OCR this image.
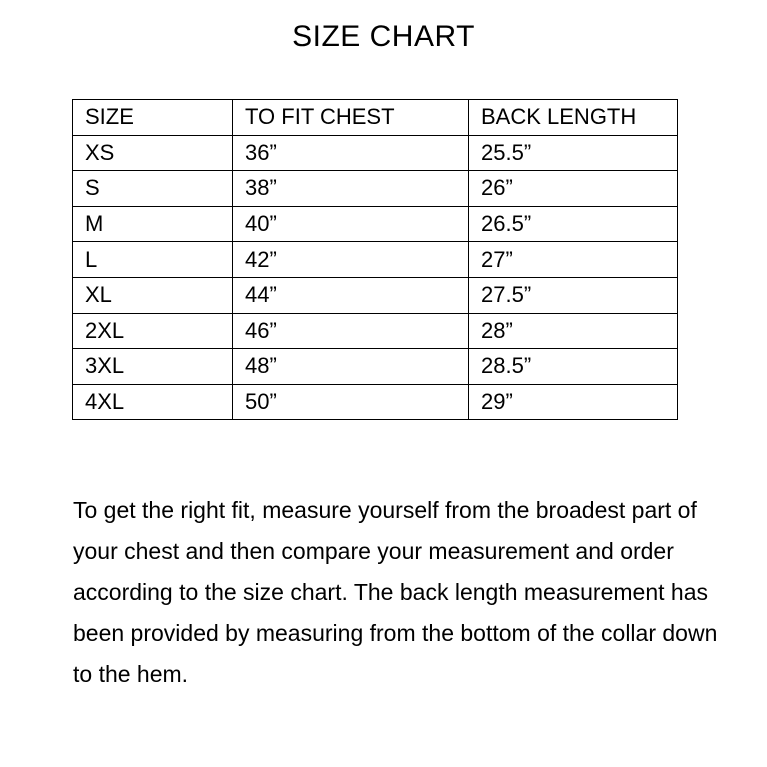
SIZE CHART
SIZE	TO FIT CHEST	BACK LENGTH
XS	36”	25.5”
S	38”	26”
M	40”	26.5”
L	42”	27”
XL	44”	27.5”
2XL	46”	28”
3XL	48”	28.5”
4XL	50”	29”

To get the right fit, measure yourself from the broadest part of your chest and then compare your measurement and order according to the size chart. The back length measurement has been provided by measuring from the bottom of the collar down to the hem.
